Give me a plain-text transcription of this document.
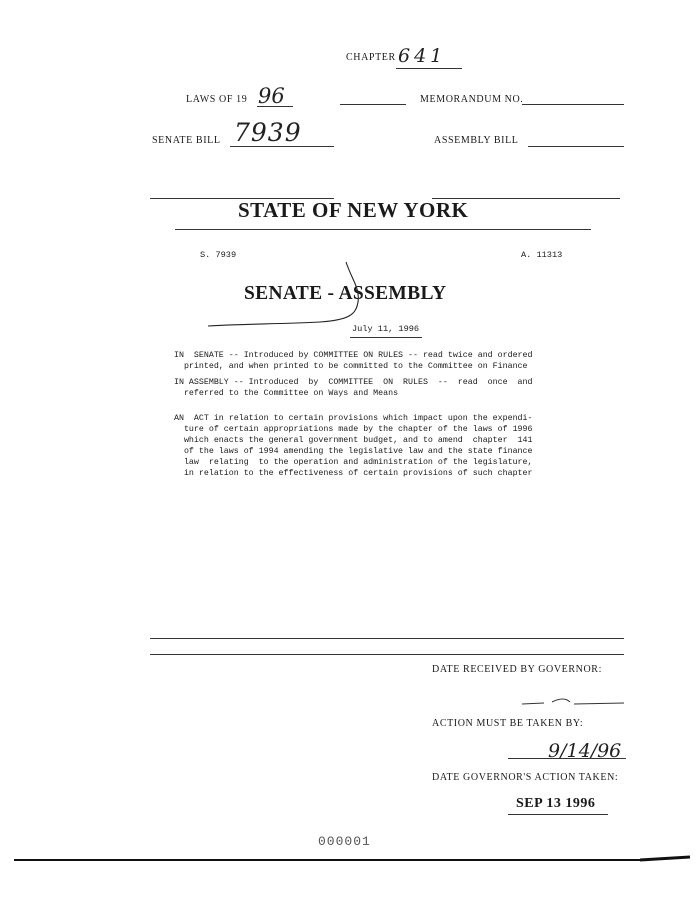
CHAPTER 641
LAWS OF 19 96	MEMORANDUM NO.
SENATE BILL 7939	ASSEMBLY BILL
STATE OF NEW YORK
S. 7939	A. 11313
SENATE - ASSEMBLY
July 11, 1996
IN  SENATE -- Introduced by COMMITTEE ON RULES -- read twice and ordered
printed, and when printed to be committed to the Committee on Finance
IN ASSEMBLY -- Introduced  by  COMMITTEE  ON  RULES  --  read  once  and
referred to the Committee on Ways and Means
AN  ACT in relation to certain provisions which impact upon the expendi-
ture of certain appropriations made by the chapter of the laws of 1996
which enacts the general government budget, and to amend  chapter  141
of the laws of 1994 amending the legislative law and the state finance
law  relating  to the operation and administration of the legislature,
in relation to the effectiveness of certain provisions of such chapter
DATE RECEIVED BY GOVERNOR:
ACTION MUST BE TAKEN BY:
9/14/96
DATE GOVERNOR'S ACTION TAKEN:
SEP 13 1996
000001
